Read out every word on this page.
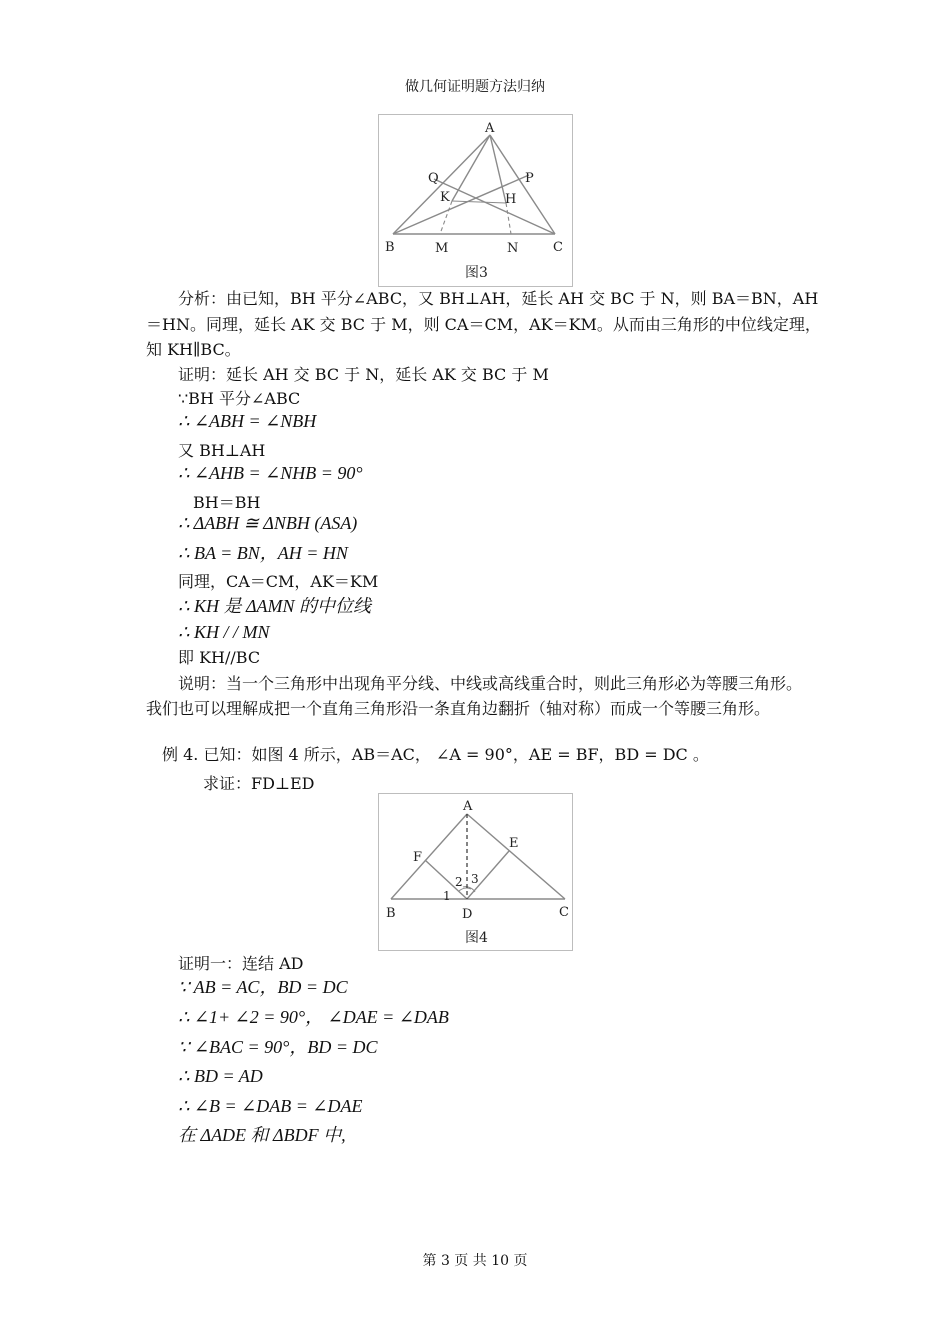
做几何证明题方法归纳
A
Q	P
K	H
B	M	N	C
图3
分析：由已知，BH 平分∠ABC，又 BH⊥AH，延长 AH 交 BC 于 N，则 BA＝BN，AH
＝HN。同理，延长 AK 交 BC 于 M，则 CA＝CM，AK＝KM。从而由三角形的中位线定理，
知 KH∥BC。
证明：延长 AH 交 BC 于 N，延长 AK 交 BC 于 M
∵BH 平分∠ABC
∴ ∠ABH = ∠NBH
又 BH⊥AH
∴ ∠AHB = ∠NHB = 90°
BH＝BH
∴ ΔABH ≅ ΔNBH (ASA)
∴ BA = BN，AH = HN
同理，CA＝CM，AK＝KM
∴ KH 是 ΔAMN 的中位线
∴ KH / / MN
即 KH//BC
说明：当一个三角形中出现角平分线、中线或高线重合时，则此三角形必为等腰三角形。
我们也可以理解成把一个直角三角形沿一条直角边翻折（轴对称）而成一个等腰三角形。
例 4. 已知：如图 4 所示，AB＝AC， ∠A = 90°，AE = BF，BD = DC 。
求证：FD⊥ED
A
F
E
2 3
1
B	D	C
图4
证明一：连结 AD
∵ AB = AC，BD = DC
∴ ∠1+ ∠2 = 90°， ∠DAE = ∠DAB
∵ ∠BAC = 90°，BD = DC
∴ BD = AD
∴ ∠B = ∠DAB = ∠DAE
在 ΔADE 和 ΔBDF 中,
第 3 页 共 10 页
